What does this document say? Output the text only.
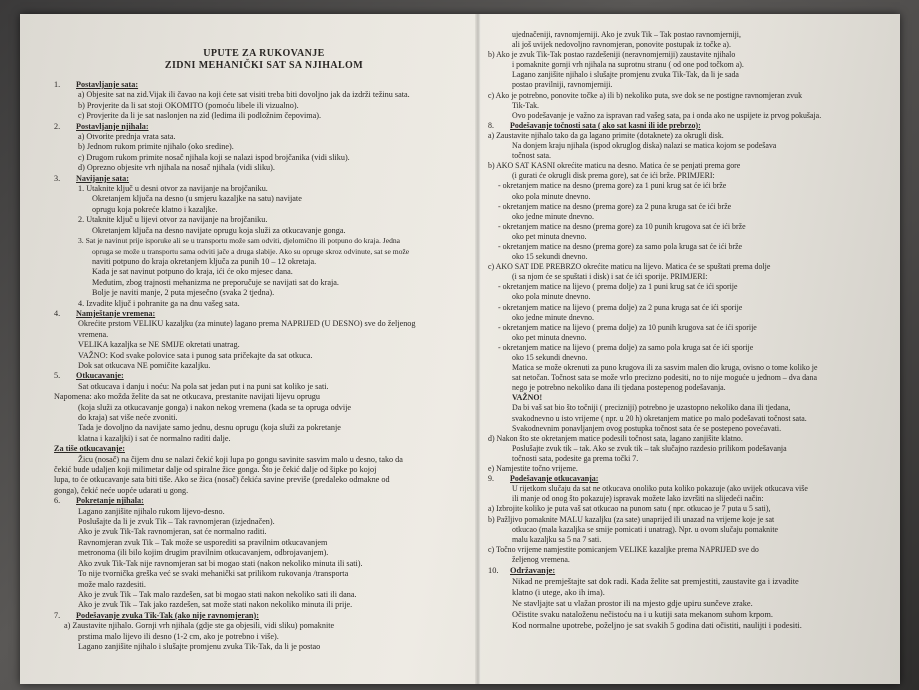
UPUTE ZA RUKOVANJE

ZIDNI MEHANIČKI SAT SA NJIHALOM

1.	Postavljanje sata:

a) Objesite sat na zid.Vijak ili čavao na koji ćete sat visiti treba biti dovoljno jak da izdrži težinu sata.

b) Provjerite da li sat stoji OKOMITO (pomoću libele ili vizualno).

c) Provjerite da li je sat naslonjen na zid (ledima ili podložnim čepovima).

2.	Postavljanje njihala:

a) Otvorite prednja vrata sata.

b) Jednom rukom primite njihalo (oko sredine).

c) Drugom rukom primite nosač njihala koji se nalazi ispod brojčanika (vidi sliku).

d) Oprezno objesite vrh njihala na nosač njihala (vidi sliku).

3.	Navijanje sata:

1. Utaknite ključ u desni otvor za navijanje na brojčaniku.

Okretanjem ključa na desno (u smjeru kazaljke na satu) navijate

oprugu koja pokreće klatno i kazaljke.

2. Utaknite ključ u lijevi otvor za navijanje na brojčaniku.

Okretanjem ključa na desno navijate oprugu koja služi za otkucavanje gonga.

3. Sat je navinut prije isporuke ali se u transportu može sam odviti, djelomično ili potpuno do kraja. Jedna

opruga se može u transportu sama odviti jače a druga slabije. Ako su opruge skroz odvinute, sat se može

naviti potpuno do kraja okretanjem ključa za punih 10 – 12 okretaja.

Kada je sat navinut potpuno do kraja, ići će oko mjesec dana.

Međutim, zbog trajnosti mehanizma ne preporučuje se navijati sat do kraja.

Bolje je naviti manje, 2 puta mjesečno (svaka 2 tjedna).

4. Izvadite ključ i pohranite ga na dnu vašeg sata.

4.	Namještanje vremena:

Okrećite prstom VELIKU kazaljku (za minute) lagano prema NAPRIJED (U DESNO) sve do željenog

vremena.

VELIKA kazaljka se NE SMIJE okretati unatrag.

VAŽNO: Kod svake polovice sata i punog sata pričekajte da sat otkuca.

Dok sat otkucava NE pomičite kazaljku.

5.	Otkucavanje:

Sat otkucava i danju i noću: Na pola sat jedan put i na puni sat koliko je sati.

Napomena: ako možda želite da sat ne otkucava, prestanite navijati lijevu oprugu

(koja služi za otkucavanje gonga) i nakon nekog vremena (kada se ta opruga odvije

do kraja) sat više neće zvoniti.

Tada je dovoljno da navijate samo jednu, desnu oprugu (koja služi za pokretanje

klatna i kazaljki) i sat će normalno raditi dalje.

Za tiše otkucavanje:

Žicu (nosač) na čijem dnu se nalazi čekić koji lupa po gongu savinite sasvim malo u desno, tako da

čekić bude udaljen koji milimetar dalje od spiralne žice gonga. Što je čekić dalje od šipke po kojoj

lupa, to će otkucavanje sata biti tiše. Ako se žica (nosač) čekića savine previše (predaleko odmakne od

gonga), čekić neće uopće udarati u gong.

6.	Pokretanje njihala:

Lagano zanjišite njihalo rukom lijevo-desno.

Poslušajte da li je zvuk Tik – Tak ravnomjeran (izjednačen).

Ako je zvuk Tik-Tak ravnomjeran, sat će normalno raditi.

Ravnomjeran zvuk Tik – Tak može se usporediti sa pravilnim otkucavanjem

metronoma (ili bilo kojim drugim pravilnim otkucavanjem, odbrojavanjem).

Ako zvuk Tik-Tak nije ravnomjeran sat bi mogao stati (nakon nekoliko minuta ili sati).

To nije tvornička greška već se svaki mehanički sat prilikom rukovanja /transporta

može malo razdesiti.

Ako je zvuk Tik – Tak malo razdešen, sat bi mogao stati nakon nekoliko sati ili dana.

Ako je zvuk Tik – Tak jako razdešen, sat može stati nakon nekoliko minuta ili prije.

7.	Podešavanje zvuka Tik-Tak (ako nije ravnomjeran):

a) Zaustavite njihalo. Gornji vrh njihala (gdje ste ga objesili, vidi sliku) pomaknite

prstima malo lijevo ili desno (1-2 cm, ako je potrebno i više).

Lagano zanjišite njihalo i slušajte promjenu zvuka Tik-Tak, da li je postao

ujednačeniji, ravnomjerniji. Ako je zvuk Tik – Tak postao ravnomjerniji,

ali još uvijek nedovoljno ravnomjeran, ponovite postupak iz točke a).

b) Ako je zvuk Tik-Tak postao razdešeniji (neravnomjerniji) zaustavite njihalo

i pomaknite gornji vrh njihala na suprotnu stranu ( od one pod točkom a).

Lagano zanjišite njihalo i slušajte promjenu zvuka Tik-Tak, da li je sada

postao pravilniji, ravnomjerniji.

c) Ako je potrebno, ponovite točke a) ili b) nekoliko puta, sve dok se ne postigne ravnomjeran zvuk

Tik-Tak.

Ovo podešavanje je važno za ispravan rad vašeg sata, pa i onda ako ne uspijete iz prvog pokušaja.

8.	Podešavanje točnosti sata ( ako sat kasni ili ide prebrzo):

a) Zaustavite njihalo tako da ga lagano primite (dotaknete) za okrugli disk.

Na donjem kraju njihala (ispod okruglog diska) nalazi se matica kojom se podešava

točnost sata.

b) AKO SAT KASNI okrećite maticu na desno. Matica će se penjati prema gore

(i gurati će okrugli disk prema gore), sat će ići brže. PRIMJERI:

- okretanjem matice na desno (prema gore) za 1 puni krug sat će ići brže

oko pola minute dnevno.

- okretanjem matice na desno (prema gore) za 2 puna kruga sat će ići brže

oko jedne minute dnevno.

- okretanjem matice na desno (prema gore) za 10 punih krugova sat će ići brže

oko pet minuta dnevno.

- okretanjem matice na desno (prema gore) za samo pola kruga sat će ići brže

oko 15 sekundi dnevno.

c) AKO SAT IDE PREBRZO okrećite maticu na lijevo. Matica će se spuštati prema dolje

(i sa njom će se spuštati i disk) i sat će ići sporije. PRIMJERI:

- okretanjem matice na lijevo ( prema dolje) za 1 puni krug sat će ići sporije

oko pola minute dnevno.

- okretanjem matice na lijevo ( prema dolje) za 2 puna kruga sat će ići sporije

oko jedne minute dnevno.

- okretanjem matice na lijevo ( prema dolje) za 10 punih krugova sat će ići sporije

oko pet minuta dnevno.

- okretanjem matice na lijevo ( prema dolje) za samo pola kruga sat će ići sporije

oko 15 sekundi dnevno.

Matica se može okrenuti za puno krugova ili za sasvim malen dio kruga, ovisno o tome koliko je

sat netočan. Točnost sata se može vrlo precizno podesiti, no to nije moguće u jednom – dva dana

nego je potrebno nekoliko dana ili tjedana postepenog podešavanja.

VAŽNO!

Da bi vaš sat bio što točniji ( precizniji) potrebno je uzastopno nekoliko dana ili tjedana,

svakodnevno u isto vrijeme ( npr. u 20 h) okretanjem matice po malo podešavati točnost sata.

Svakodnevnim ponavljanjem ovog postupka točnost sata će se postepeno povećavati.

d) Nakon što ste okretanjem matice podesili točnost sata, lagano zanjišite klatno.

Poslušajte zvuk tik – tak. Ako se zvuk tik – tak slučajno razdesio prilikom podešavanja

točnosti sata, podesite ga prema točki 7.

e) Namjestite točno vrijeme.

9.	Podešavanje otkucavanja:

U rijetkom slučaju da sat ne otkucava onoliko puta koliko pokazuje (ako uvijek otkucava više

ili manje od onog što pokazuje) ispravak možete lako izvršiti na slijedeći način:

a) Izbrojite koliko je puta vaš sat otkucao na punom satu ( npr. otkucao je 7 puta u 5 sati),

b) Pažljivo pomaknite MALU kazaljku (za sate) unaprijed ili unazad na vrijeme koje je sat

otkucao (mala kazaljka se smije pomicati i unatrag). Npr. u ovom slučaju pomaknite

malu kazaljku sa 5 na 7 sati.

c) Točno vrijeme namjestite pomicanjem VELIKE kazaljke prema NAPRIJED sve do

željenog vremena.

10.	Održavanje:

Nikad ne premještajte sat dok radi. Kada želite sat premjestiti, zaustavite ga i izvadite

klatno (i utege, ako ih ima).

Ne stavljajte sat u vlažan prostor ili na mjesto gdje upiru sunčeve zrake.

Očistite svaku nataloženu nečistoću na i u kutiji sata mekanom suhom krpom.

Kod normalne upotrebe, poželjno je sat svakih 5 godina dati očistiti, naulijti i podesiti.
